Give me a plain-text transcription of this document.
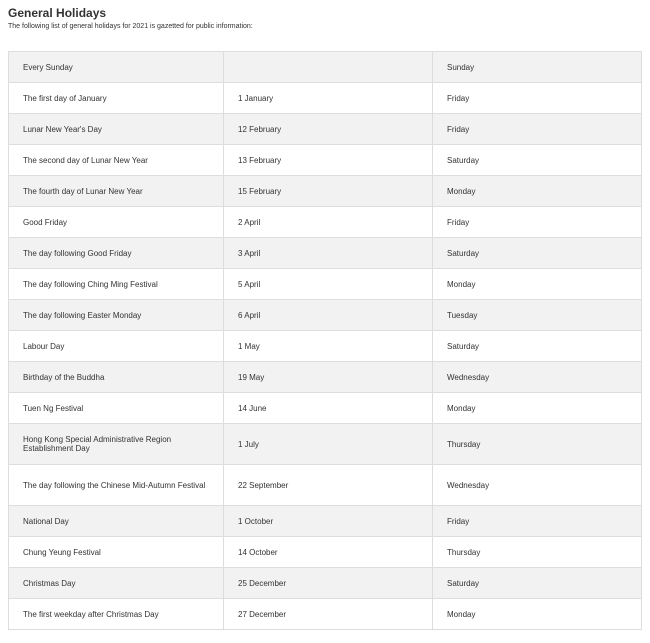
General Holidays

The following list of general holidays for 2021 is gazetted for public information:

Every Sunday		Sunday
The first day of January	1 January	Friday
Lunar New Year's Day	12 February	Friday
The second day of Lunar New Year	13 February	Saturday
The fourth day of Lunar New Year	15 February	Monday
Good Friday	2 April	Friday
The day following Good Friday	3 April	Saturday
The day following Ching Ming Festival	5 April	Monday
The day following Easter Monday	6 April	Tuesday
Labour Day	1 May	Saturday
Birthday of the Buddha	19 May	Wednesday
Tuen Ng Festival	14 June	Monday
Hong Kong Special Administrative Region Establishment Day	1 July	Thursday
The day following the Chinese Mid-Autumn Festival	22 September	Wednesday
National Day	1 October	Friday
Chung Yeung Festival	14 October	Thursday
Christmas Day	25 December	Saturday
The first weekday after Christmas Day	27 December	Monday
